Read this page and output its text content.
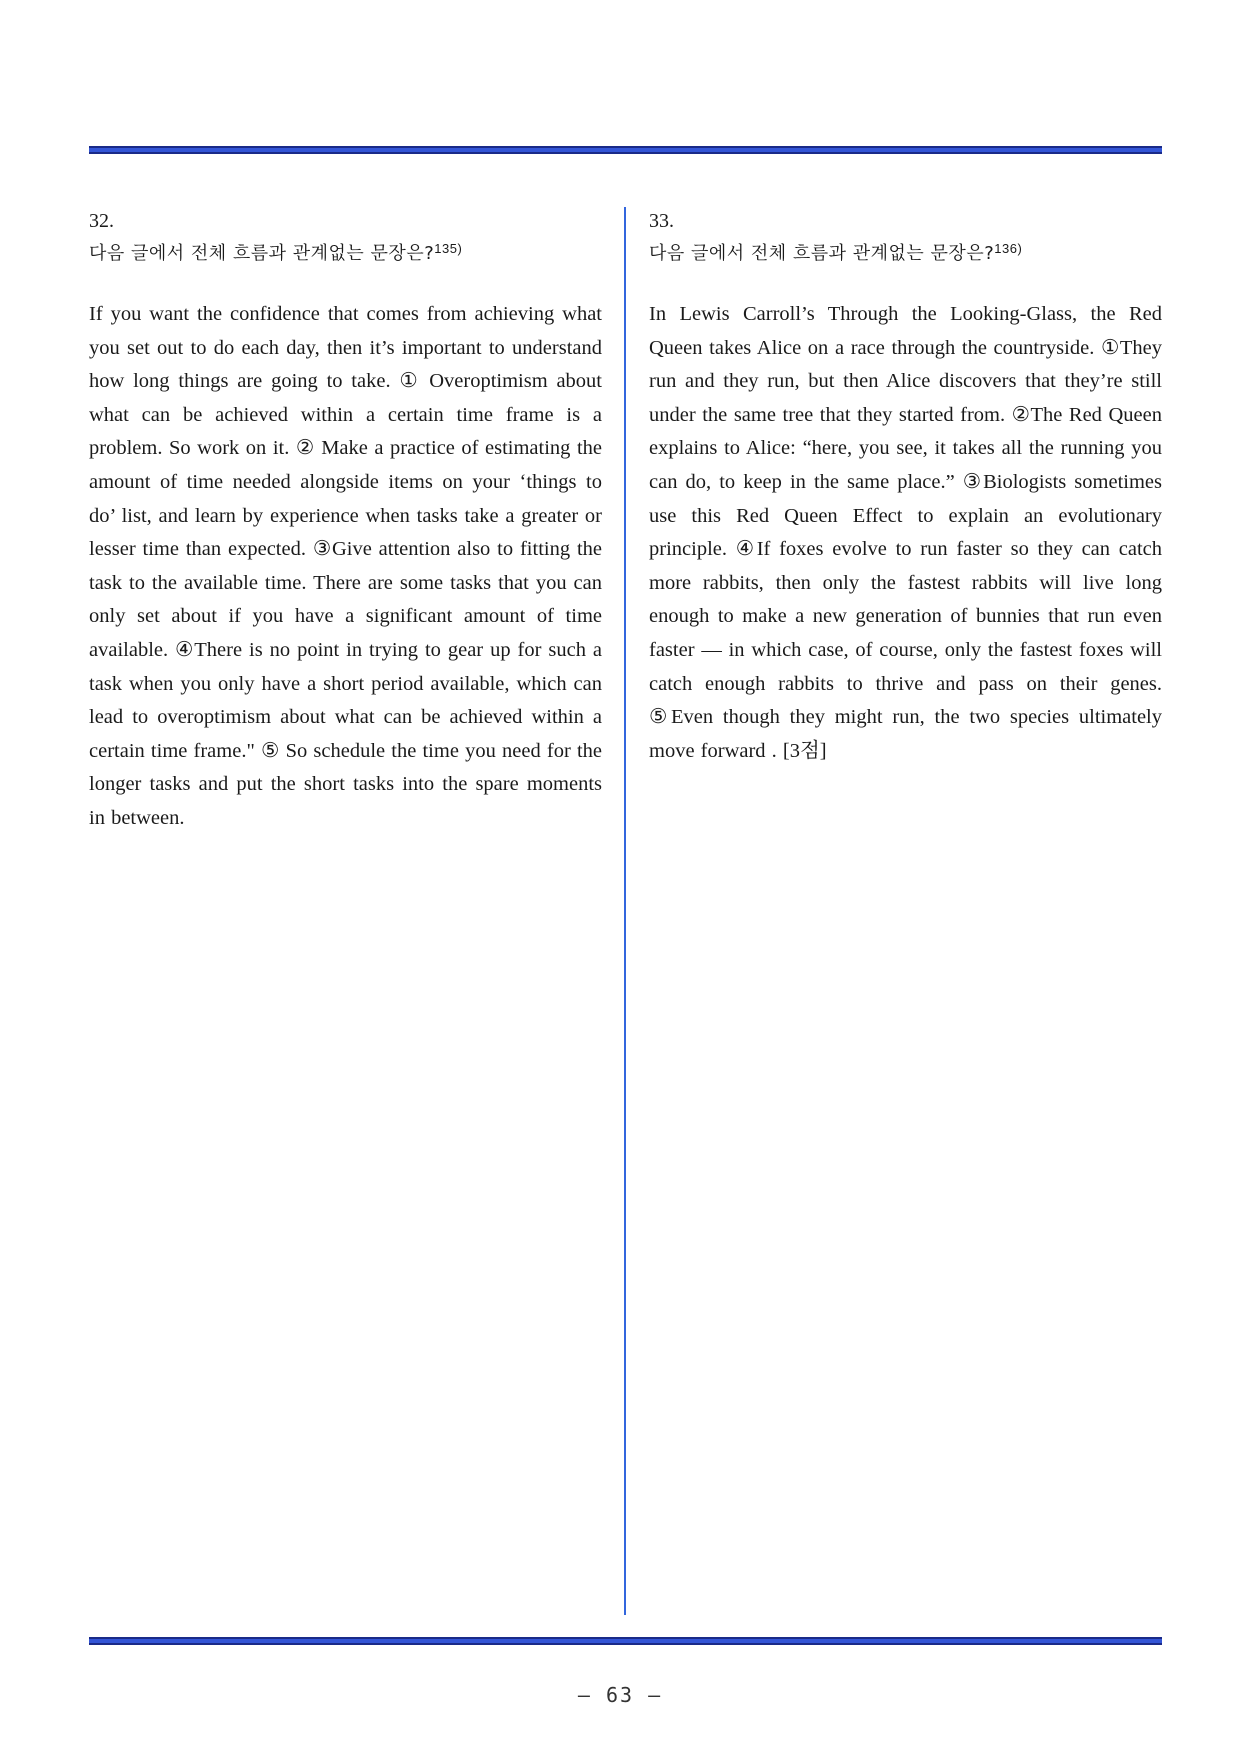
32.
다음 글에서 전체 흐름과 관계없는 문장은?$^{135)}$
If you want the confidence that comes from achieving what you set out to do each day, then it’s important to understand how long things are going to take. ① Overoptimism about what can be achieved within a certain time frame is a problem. So work on it. ② Make a practice of estimating the amount of time needed alongside items on your ‘things to do’ list, and learn by experience when tasks take a greater or lesser time than expected. ③Give attention also to fitting the task to the available time. There are some tasks that you can only set about if you have a significant amount of time available. ④There is no point in trying to gear up for such a task when you only have a short period available, which can lead to overoptimism about what can be achieved within a certain time frame." ⑤ So schedule the time you need for the longer tasks and put the short tasks into the spare moments in between.
33.
다음 글에서 전체 흐름과 관계없는 문장은?$^{136)}$
In Lewis Carroll’s Through the Looking-Glass, the Red Queen takes Alice on a race through the countryside. ①They run and they run, but then Alice discovers that they’re still under the same tree that they started from. ②The Red Queen explains to Alice: “here, you see, it takes all the running you can do, to keep in the same place.” ③Biologists sometimes use this Red Queen Effect to explain an evolutionary principle. ④If foxes evolve to run faster so they can catch more rabbits, then only the fastest rabbits will live long enough to make a new generation of bunnies that run even faster — in which case, of course, only the fastest foxes will catch enough rabbits to thrive and pass on their genes. ⑤Even though they might run, the two species ultimately move forward . [3점]
– 63 –
